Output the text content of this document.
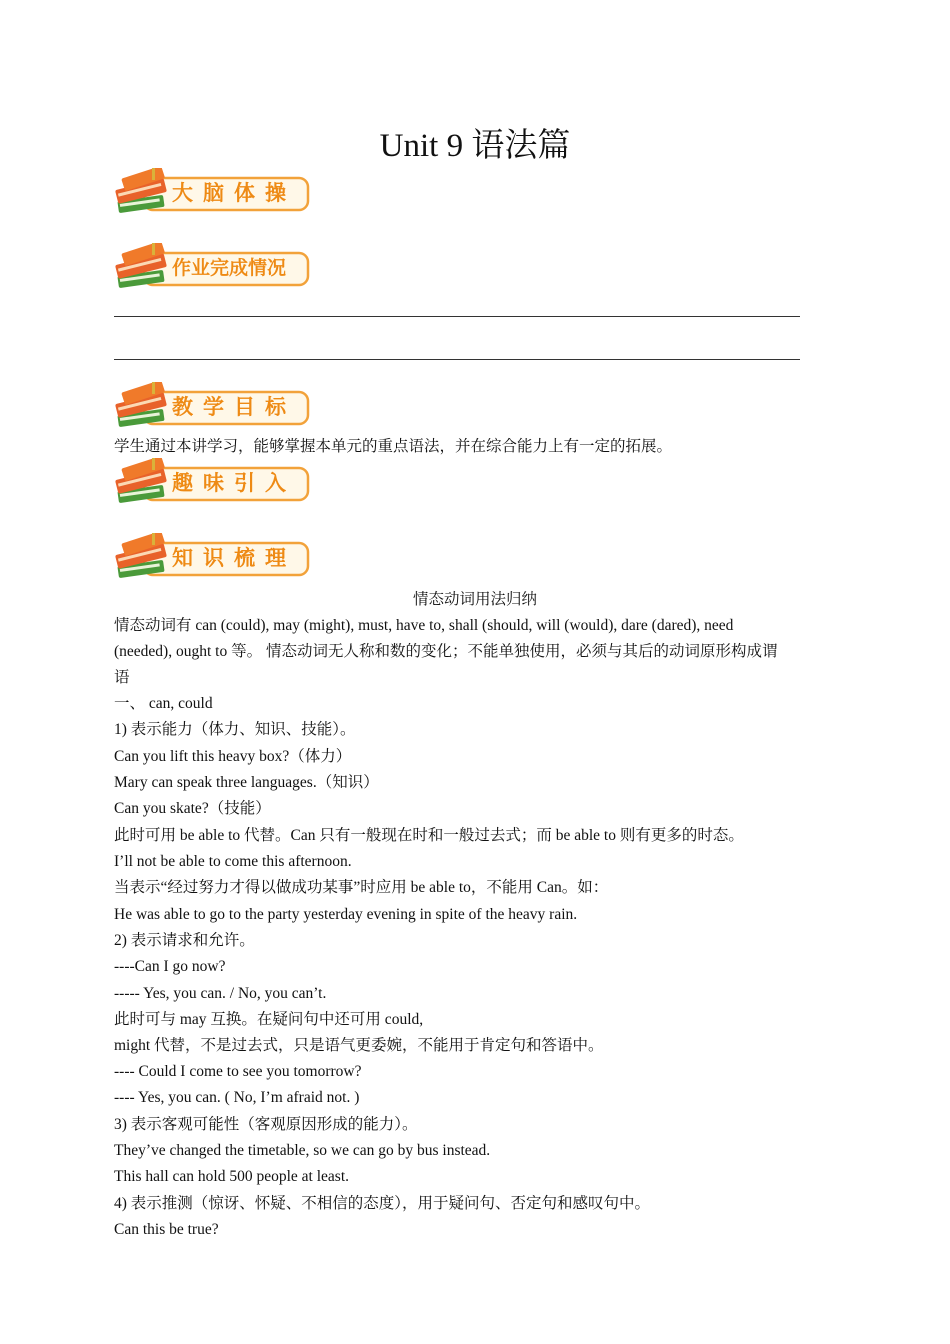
Unit 9 语法篇
大脑体操
作业完成情况
教学目标
学生通过本讲学习，能够掌握本单元的重点语法，并在综合能力上有一定的拓展。
趣味引入
知识梳理
情态动词用法归纳
情态动词有 can (could), may (might), must, have to, shall (should, will (would), dare (dared), need
(needed), ought to 等。 情态动词无人称和数的变化；不能单独使用，必须与其后的动词原形构成谓
语
一、 can, could
1) 表示能力（体力、知识、技能）。
Can you lift this heavy box?（体力）
Mary can speak three languages.（知识）
Can you skate?（技能）
此时可用 be able to 代替。Can 只有一般现在时和一般过去式；而 be able to 则有更多的时态。
I’ll not be able to come this afternoon.
当表示“经过努力才得以做成功某事”时应用 be able to，不能用 Can。如：
He was able to go to the party yesterday evening in spite of the heavy rain.
2) 表示请求和允许。
----Can I go now?
----- Yes, you can. / No, you can’t.
此时可与 may 互换。在疑问句中还可用 could,
might 代替，不是过去式，只是语气更委婉，不能用于肯定句和答语中。
---- Could I come to see you tomorrow?
---- Yes, you can. ( No, I’m afraid not. )
3) 表示客观可能性（客观原因形成的能力）。
They’ve changed the timetable, so we can go by bus instead.
This hall can hold 500 people at least.
4) 表示推测（惊讶、怀疑、不相信的态度），用于疑问句、否定句和感叹句中。
Can this be true?
